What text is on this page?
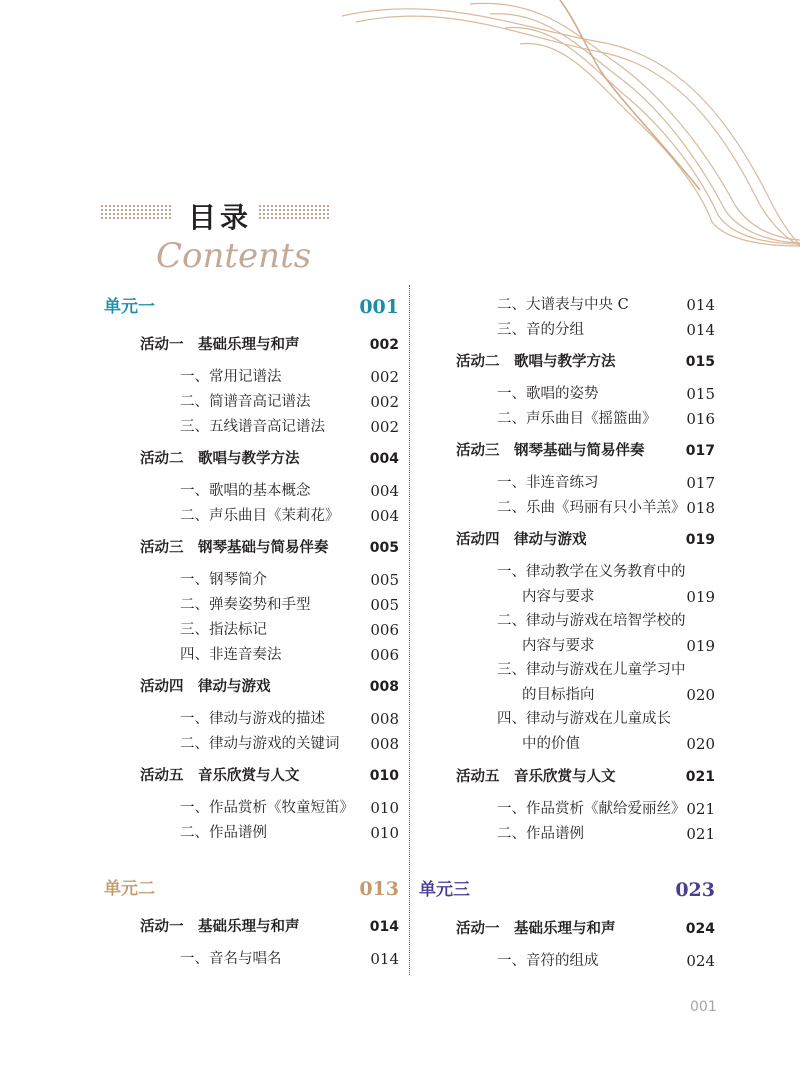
目录
Contents
单元一	001
活动一　基础乐理与和声	002
一、常用记谱法	002
二、简谱音高记谱法	002
三、五线谱音高记谱法	002
活动二　歌唱与教学方法	004
一、歌唱的基本概念	004
二、声乐曲目《茉莉花》 004
活动三　钢琴基础与简易伴奏	005
一、钢琴简介	005
二、弹奏姿势和手型	005
三、指法标记	006
四、非连音奏法	006
活动四　律动与游戏	008
一、律动与游戏的描述	008
二、律动与游戏的关键词 008
活动五　音乐欣赏与人文	010
一、作品赏析《牧童短笛》 010
二、作品谱例	010
单元二	013
活动一　基础乐理与和声	014
一、音名与唱名	014
二、大谱表与中央 C	014
三、音的分组	014
活动二　歌唱与教学方法	015
一、歌唱的姿势	015
二、声乐曲目《摇篮曲》 016
活动三　钢琴基础与简易伴奏	017
一、非连音练习	017
二、乐曲《玛丽有只小羊羔》 018
活动四　律动与游戏	019
一、律动教学在义务教育中的
内容与要求	019
二、律动与游戏在培智学校的
内容与要求	019
三、律动与游戏在儿童学习中
的目标指向	020
四、律动与游戏在儿童成长
中的价值	020
活动五　音乐欣赏与人文	021
一、作品赏析《献给爱丽丝》 021
二、作品谱例	021
单元三	023
活动一　基础乐理与和声	024
一、音符的组成	024
001
